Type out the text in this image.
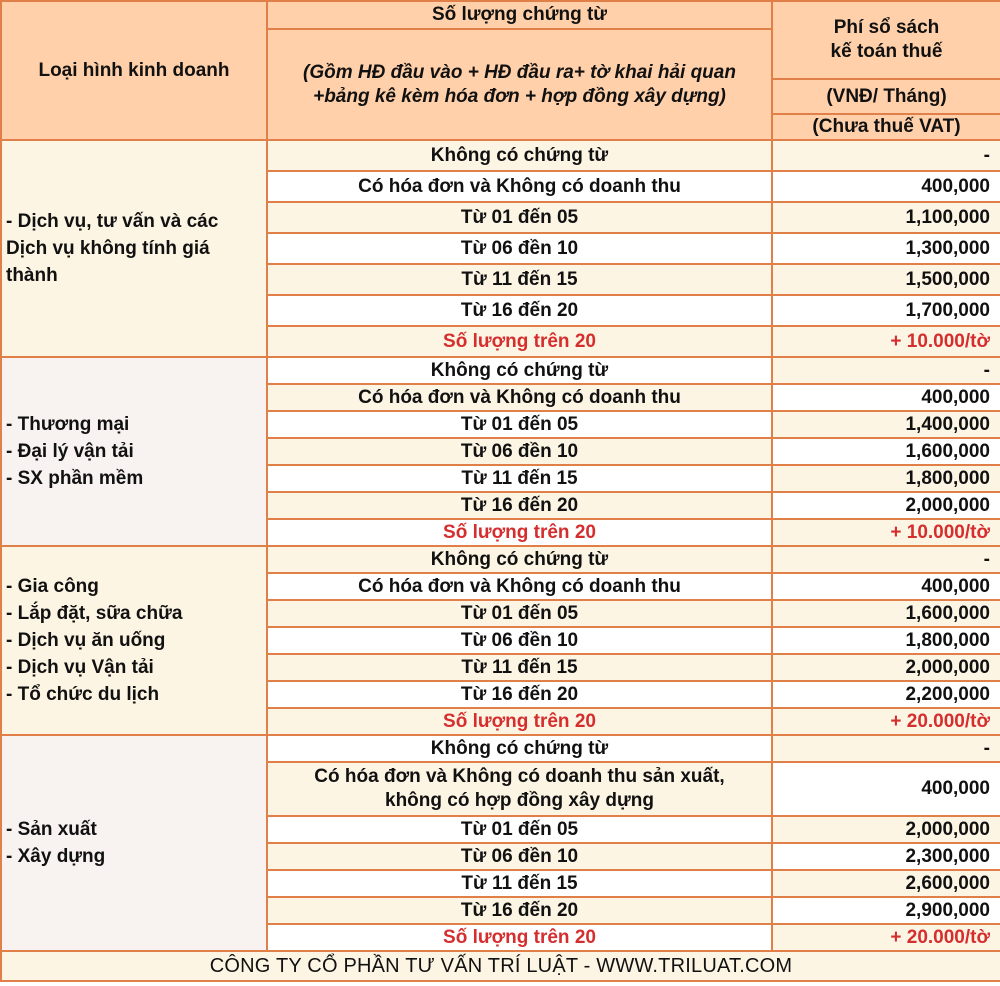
Loại hình kinh doanh	Số lượng chứng từ	Phí sổ sách
kế toán thuế

	(Gồm HĐ đầu vào + HĐ đầu ra+ tờ khai hải quan
+bảng kê kèm hóa đơn + hợp đồng xây dựng)	

		(VNĐ/ Tháng)
		(Chưa thuế VAT)

- Dịch vụ, tư vấn và các
Dịch vụ không tính giá
thành	Không có chứng từ	-

	Có hóa đơn và Không có doanh thu	400,000

	Từ 01 đến 05	1,100,000

	Từ 06 đền 10	1,300,000

	Từ 11 đến 15	1,500,000

	Từ 16 đến 20	1,700,000

	Số lượng trên 20	+ 10.000/tờ

- Thương mại
- Đại lý vận tải
- SX phần mềm	Không có chứng từ	-

	Có hóa đơn và Không có doanh thu	400,000

	Từ 01 đến 05	1,400,000

	Từ 06 đền 10	1,600,000

	Từ 11 đến 15	1,800,000

	Từ 16 đến 20	2,000,000

	Số lượng trên 20	+ 10.000/tờ

- Gia công
- Lắp đặt, sữa chữa
- Dịch vụ ăn uống
- Dịch vụ Vận tải
- Tổ chức du lịch	Không có chứng từ	-

	Có hóa đơn và Không có doanh thu	400,000

	Từ 01 đến 05	1,600,000

	Từ 06 đền 10	1,800,000

	Từ 11 đến 15	2,000,000

	Từ 16 đến 20	2,200,000

	Số lượng trên 20	+ 20.000/tờ

- Sản xuất
- Xây dựng	Không có chứng từ	-

	Có hóa đơn và Không có doanh thu sản xuất,
không có hợp đồng xây dựng	400,000

	Từ 01 đến 05	2,000,000

	Từ 06 đền 10	2,300,000

	Từ 11 đến 15	2,600,000

	Từ 16 đến 20	2,900,000

	Số lượng trên 20	+ 20.000/tờ
CÔNG TY CỔ PHẦN TƯ VẤN TRÍ LUẬT - WWW.TRILUAT.COM		
